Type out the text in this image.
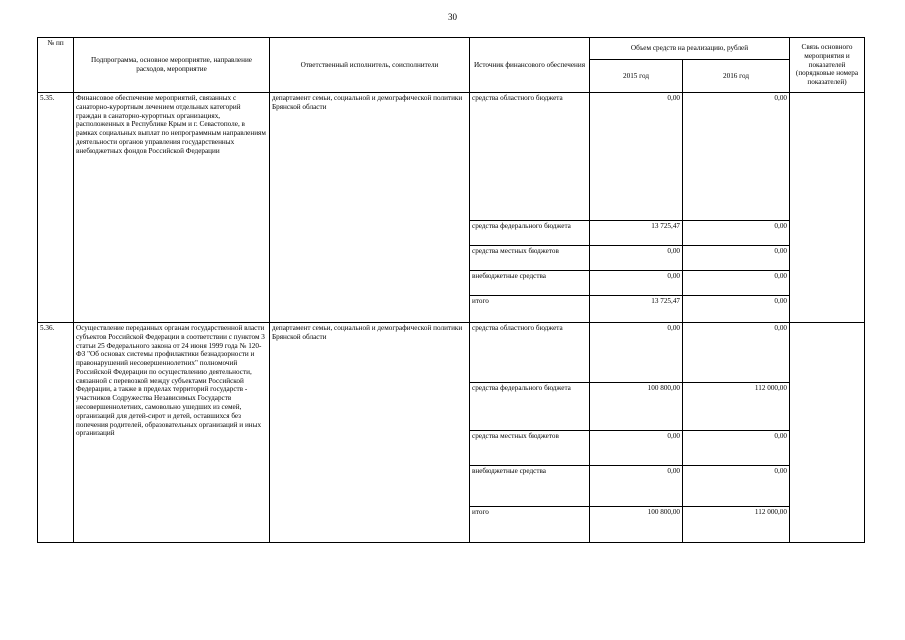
30
№ пп	Подпрограмма, основное мероприятие, направление расходов, мероприятие	Ответственный исполнитель, соисполнители	Источник финансового обеспечения	Объем средств на реализацию, рублей		Связь основного мероприятия и показателей (порядковые номера показателей)
				2015 год	2016 год	
5.35.	Финансовое обеспечение мероприятий, связанных с санаторно-курортным лечением отдельных категорий граждан в санаторно-курортных организациях, расположенных в Республике Крым и г. Севастополе, в рамках социальных выплат по непрограммным направлениям деятельности органов управления государственных внебюджетных фондов Российской Федерации	департамент семьи, социальной и демографической политики Брянской области	средства областного бюджета	0,00	0,00	
			средства федерального бюджета	13 725,47	0,00	
			средства местных бюджетов	0,00	0,00	
			внебюджетные средства	0,00	0,00	
			итого	13 725,47	0,00	
5.36.	Осуществление переданных органам государственной власти субъектов Российской Федерации в соответствии с пунктом 3 статьи 25 Федерального закона от 24 июня 1999 года № 120-ФЗ "Об основах системы профилактики безнадзорности и правонарушений несовершеннолетних" полномочий Российской Федерации по осуществлению деятельности, связанной с перевозкой между субъектами Российской Федерации, а также в пределах территорий государств - участников Содружества Независимых Государств несовершеннолетних, самовольно ушедших из семей, организаций для детей-сирот и детей, оставшихся без попечения родителей, образовательных организаций и иных организаций	департамент семьи, социальной и демографической политики Брянской области	средства областного бюджета	0,00	0,00	
			средства федерального бюджета	100 800,00	112 000,00	
			средства местных бюджетов	0,00	0,00	
			внебюджетные средства	0,00	0,00	
			итого	100 800,00	112 000,00	
